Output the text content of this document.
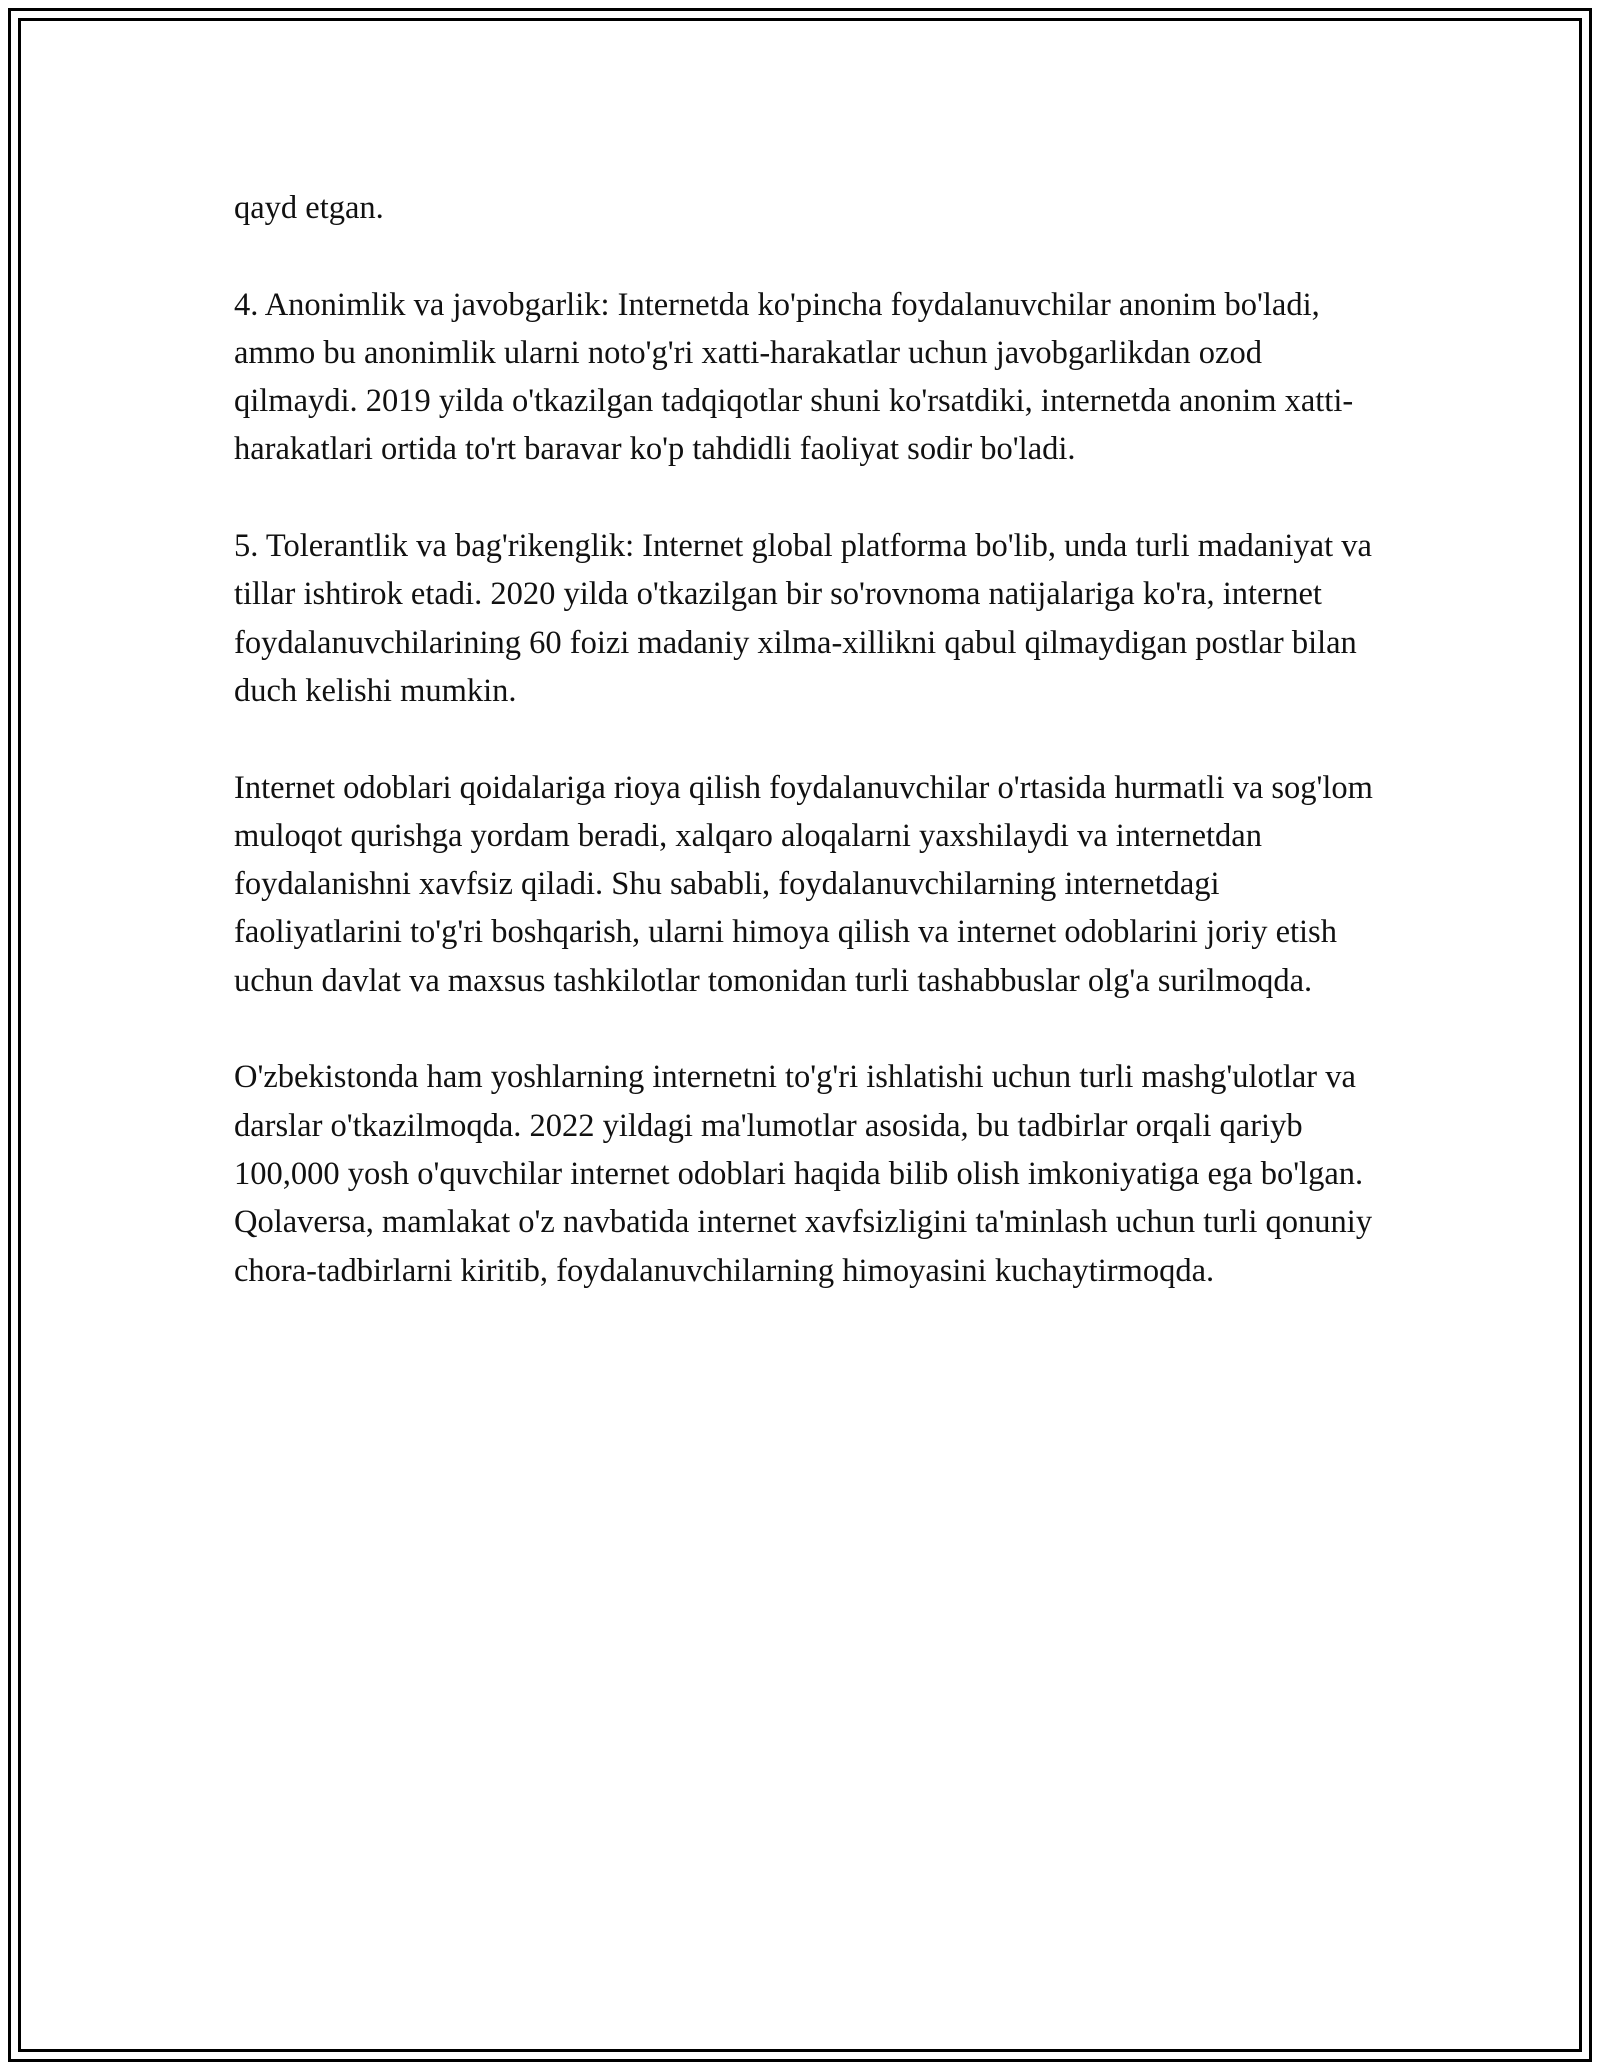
qayd etgan.

4. Anonimlik va javobgarlik: Internetda ko'pincha foydalanuvchilar anonim bo'ladi, ammo bu anonimlik ularni noto'g'ri xatti-harakatlar uchun javobgarlikdan ozod qilmaydi. 2019 yilda o'tkazilgan tadqiqotlar shuni ko'rsatdiki, internetda anonim xatti-harakatlari ortida to'rt baravar ko'p tahdidli faoliyat sodir bo'ladi.

5. Tolerantlik va bag'rikenglik: Internet global platforma bo'lib, unda turli madaniyat va tillar ishtirok etadi. 2020 yilda o'tkazilgan bir so'rovnoma natijalariga ko'ra, internet foydalanuvchilarining 60 foizi madaniy xilma-xillikni qabul qilmaydigan postlar bilan duch kelishi mumkin.

Internet odoblari qoidalariga rioya qilish foydalanuvchilar o'rtasida hurmatli va sog'lom muloqot qurishga yordam beradi, xalqaro aloqalarni yaxshilaydi va internetdan foydalanishni xavfsiz qiladi. Shu sababli, foydalanuvchilarning internetdagi faoliyatlarini to'g'ri boshqarish, ularni himoya qilish va internet odoblarini joriy etish uchun davlat va maxsus tashkilotlar tomonidan turli tashabbuslar olg'a surilmoqda.

O'zbekistonda ham yoshlarning internetni to'g'ri ishlatishi uchun turli mashg'ulotlar va darslar o'tkazilmoqda. 2022 yildagi ma'lumotlar asosida, bu tadbirlar orqali qariyb 100,000 yosh o'quvchilar internet odoblari haqida bilib olish imkoniyatiga ega bo'lgan. Qolaversa, mamlakat o'z navbatida internet xavfsizligini ta'minlash uchun turli qonuniy chora-tadbirlarni kiritib, foydalanuvchilarning himoyasini kuchaytirmoqda.
